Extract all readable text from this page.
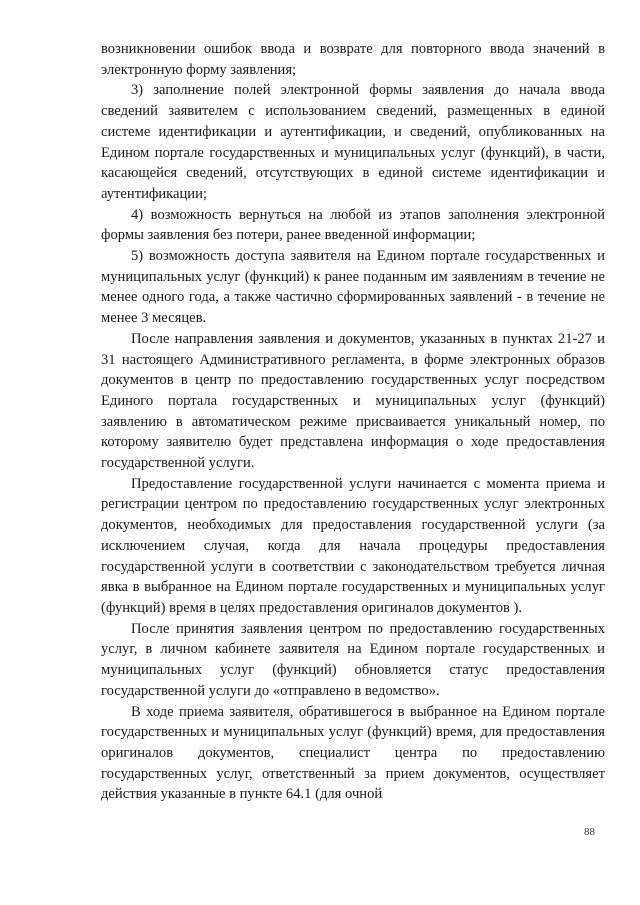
возникновении ошибок ввода и возврате для повторного ввода значений в электронную форму заявления;

3) заполнение полей электронной формы заявления до начала ввода сведений заявителем с использованием сведений, размещенных в единой системе идентификации и аутентификации, и сведений, опубликованных на Едином портале государственных и муниципальных услуг (функций), в части, касающейся сведений, отсутствующих в единой системе идентификации и аутентификации;

4) возможность вернуться на любой из этапов заполнения электронной формы заявления без потери, ранее введенной информации;

5) возможность доступа заявителя на Едином портале государственных и муниципальных услуг (функций) к ранее поданным им заявлениям в течение не менее одного года, а также частично сформированных заявлений - в течение не менее 3 месяцев.

После направления заявления и документов, указанных в пунктах 21-27 и 31 настоящего Административного регламента, в форме электронных образов документов в центр по предоставлению государственных услуг посредством Единого портала государственных и муниципальных услуг (функций) заявлению в автоматическом режиме присваивается уникальный номер, по которому заявителю будет представлена информация о ходе предоставления государственной услуги.

Предоставление государственной услуги начинается с момента приема и регистрации центром по предоставлению государственных услуг электронных документов, необходимых для предоставления государственной услуги (за исключением случая, когда для начала процедуры предоставления государственной услуги в соответствии с законодательством требуется личная явка в выбранное на Едином портале государственных и муниципальных услуг (функций) время в целях предоставления оригиналов документов ).

После принятия заявления центром по предоставлению государственных услуг, в личном кабинете заявителя на Едином портале государственных и муниципальных услуг (функций) обновляется статус предоставления государственной услуги до «отправлено в ведомство».

В ходе приема заявителя, обратившегося в выбранное на Едином портале государственных и муниципальных услуг (функций) время, для предоставления оригиналов документов, специалист центра по предоставлению государственных услуг, ответственный за прием документов, осуществляет действия указанные в пункте 64.1 (для очной

88
